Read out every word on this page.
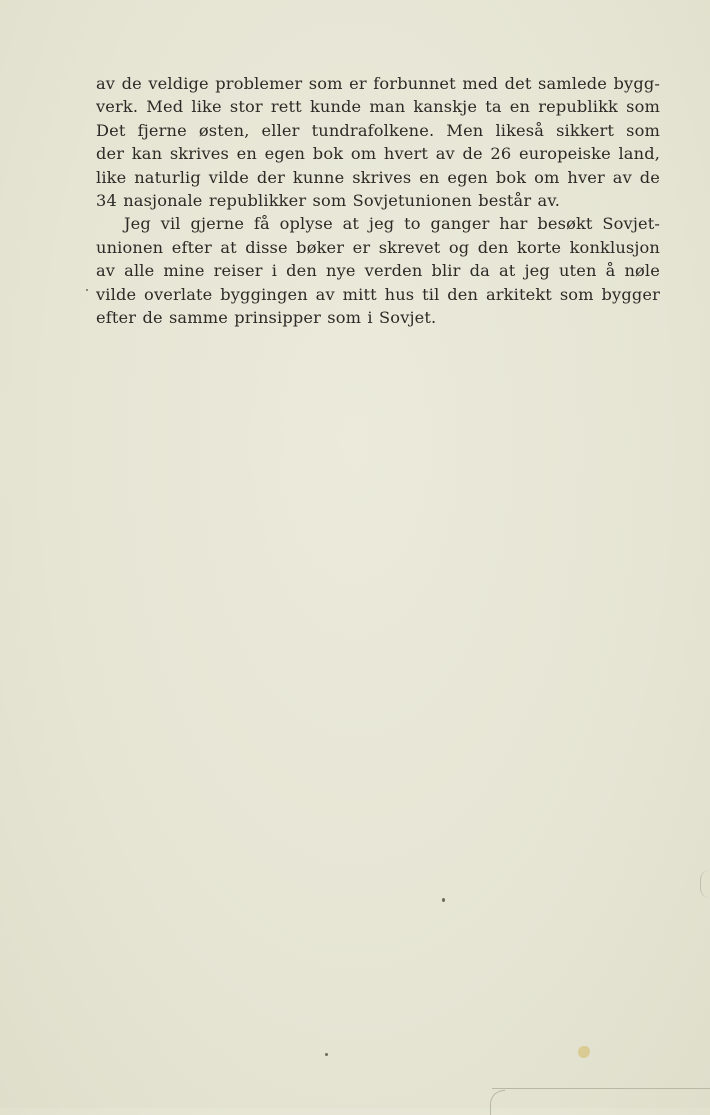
av de veldige problemer som er forbunnet med det samlede bygg-
verk. Med like stor rett kunde man kanskje ta en republikk som
Det fjerne østen, eller tundrafolkene. Men likeså sikkert som
der kan skrives en egen bok om hvert av de 26 europeiske land,
like naturlig vilde der kunne skrives en egen bok om hver av de
34 nasjonale republikker som Sovjetunionen består av.
Jeg vil gjerne få oplyse at jeg to ganger har besøkt Sovjet-
unionen efter at disse bøker er skrevet og den korte konklusjon
av alle mine reiser i den nye verden blir da at jeg uten å nøle
vilde overlate byggingen av mitt hus til den arkitekt som bygger
efter de samme prinsipper som i Sovjet.
